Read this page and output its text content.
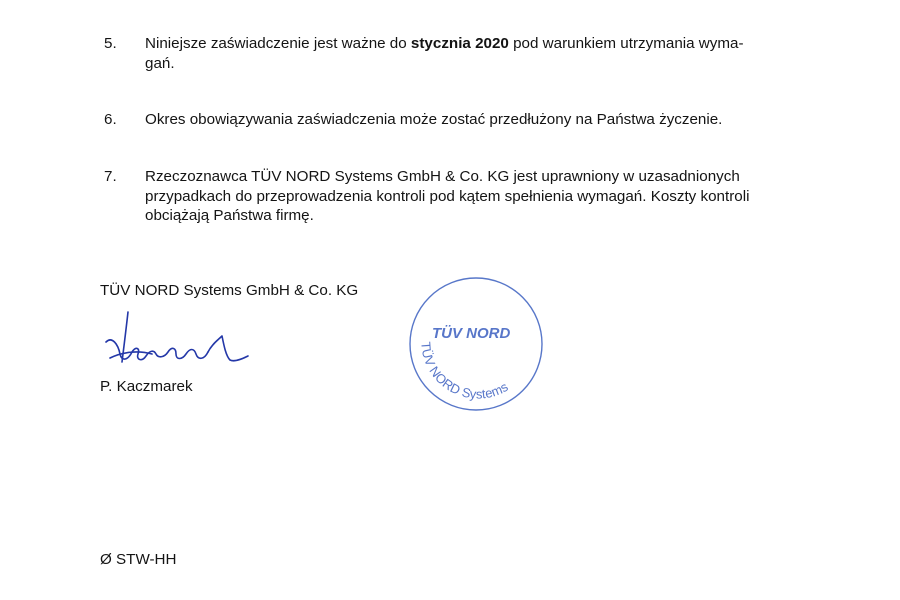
5. Niniejsze zaświadczenie jest ważne do stycznia 2020 pod warunkiem utrzymania wyma-
gań.
6. Okres obowiązywania zaświadczenia może zostać przedłużony na Państwa życzenie.
7. Rzeczoznawca TÜV NORD Systems GmbH & Co. KG jest uprawniony w uzasadnionych
przypadkach do przeprowadzenia kontroli pod kątem spełnienia wymagań. Koszty kontroli
obciążają Państwa firmę.
TÜV NORD Systems GmbH & Co. KG
P. Kaczmarek
TÜV NORD
TÜV NORD Systems
Ø STW-HH
